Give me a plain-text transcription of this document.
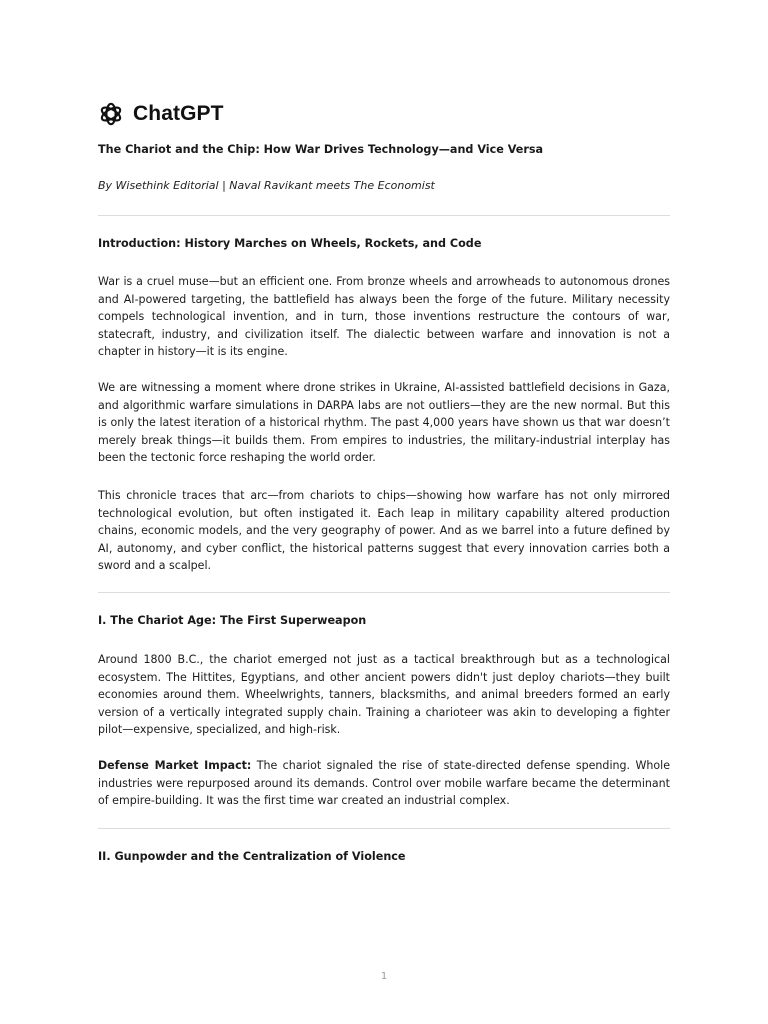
ChatGPT
The Chariot and the Chip: How War Drives Technology—and Vice Versa
By Wisethink Editorial | Naval Ravikant meets The Economist
Introduction: History Marches on Wheels, Rockets, and Code

War is a cruel muse—but an efficient one. From bronze wheels and arrowheads to autonomous drones and AI-powered targeting, the battlefield has always been the forge of the future. Military necessity compels technological invention, and in turn, those inventions restructure the contours of war, statecraft, industry, and civilization itself. The dialectic between warfare and innovation is not a chapter in history—it is its engine.

We are witnessing a moment where drone strikes in Ukraine, AI-assisted battlefield decisions in Gaza, and algorithmic warfare simulations in DARPA labs are not outliers—they are the new normal. But this is only the latest iteration of a historical rhythm. The past 4,000 years have shown us that war doesn’t merely break things—it builds them. From empires to industries, the military-industrial interplay has been the tectonic force reshaping the world order.

This chronicle traces that arc—from chariots to chips—showing how warfare has not only mirrored technological evolution, but often instigated it. Each leap in military capability altered production chains, economic models, and the very geography of power. And as we barrel into a future defined by AI, autonomy, and cyber conflict, the historical patterns suggest that every innovation carries both a sword and a scalpel.

I. The Chariot Age: The First Superweapon

Around 1800 B.C., the chariot emerged not just as a tactical breakthrough but as a technological ecosystem. The Hittites, Egyptians, and other ancient powers didn't just deploy chariots—they built economies around them. Wheelwrights, tanners, blacksmiths, and animal breeders formed an early version of a vertically integrated supply chain. Training a charioteer was akin to developing a fighter pilot—expensive, specialized, and high-risk.

Defense Market Impact: The chariot signaled the rise of state-directed defense spending. Whole industries were repurposed around its demands. Control over mobile warfare became the determinant of empire-building. It was the first time war created an industrial complex.

II. Gunpowder and the Centralization of Violence
1
